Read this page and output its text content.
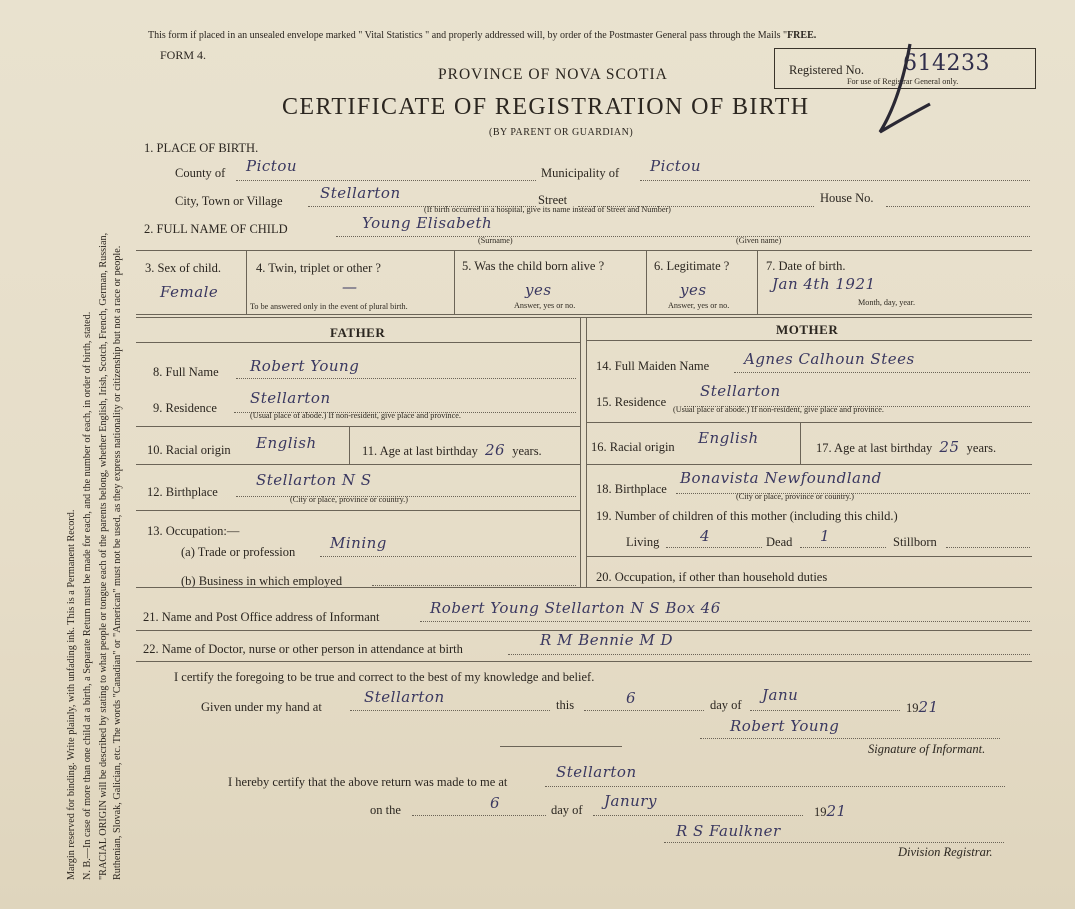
Margin reserved for binding. Write plainly, with unfading ink. This is a Permanent Record. N. B.—In case of more than one child at a birth, a Separate Return must be made for each, and the number of each, in order of birth, stated. "RACIAL ORIGIN will be described by stating to what people or tongue each of the parents belong, whether English, Irish, Scotch, French, German, Russian, Ruthenian, Slovak, Galician, etc. The words "Canadian" or "American" must not be used, as they express nationality or citizenship but not a race or people.
This form if placed in an unsealed envelope marked " Vital Statistics " and properly addressed will, by order of the Postmaster General pass through the Mails "FREE.
FORM 4.
PROVINCE OF NOVA SCOTIA
CERTIFICATE OF REGISTRATION OF BIRTH
(BY PARENT OR GUARDIAN)
Registered No. 614233
For use of Registrar General only.
1. PLACE OF BIRTH.
County of Pictou	Municipality of Pictou
City, Town or Village Stellarton	Street	House No.
(If birth occurred in a hospital, give its name instead of Street and Number)
2. FULL NAME OF CHILD	Young Elisabeth
(Surname)	(Given name)
3. Sex of child.
Female
4. Twin, triplet or other ?
—
To be answered only in the event of plural birth.
5. Was the child born alive ?
yes
Answer, yes or no.
6. Legitimate ?
yes
Answer, yes or no.
7. Date of birth.
Jan 4th 1921
Month, day, year.
FATHER	MOTHER
8. Full Name Robert Young
9. Residence
Stellarton
(Usual place of abode.) If non-resident, give place and province.
10. Racial origin English	11. Age at last birthday 26 years.
12. Birthplace
Stellarton N S
(City or place, province or country.)
13. Occupation:—
(a) Trade or profession Mining
(b) Business in which employed
14. Full Maiden Name Agnes Calhoun Stees
15. Residence
Stellarton
(Usual place of abode.) If non-resident, give place and province.
16. Racial origin English
17. Age at last birthday 25 years.
18. Birthplace
Bonavista Newfoundland
(City or place, province or country.)
19. Number of children of this mother (including this child.)
Living	4	Dead 1	Stillborn
20. Occupation, if other than household duties
21. Name and Post Office address of Informant	Robert Young Stellarton N S Box 46
22. Name of Doctor, nurse or other person in attendance at birth	R M Bennie M D
I certify the foregoing to be true and correct to the best of my knowledge and belief.
Given under my hand at
Stellarton	this	6	day of
Janu
1921
Robert Young
Signature of Informant.
I hereby certify that the above return was made to me at
Stellarton
on the	6	day of Janury
1921
R S Faulkner
Division Registrar.
